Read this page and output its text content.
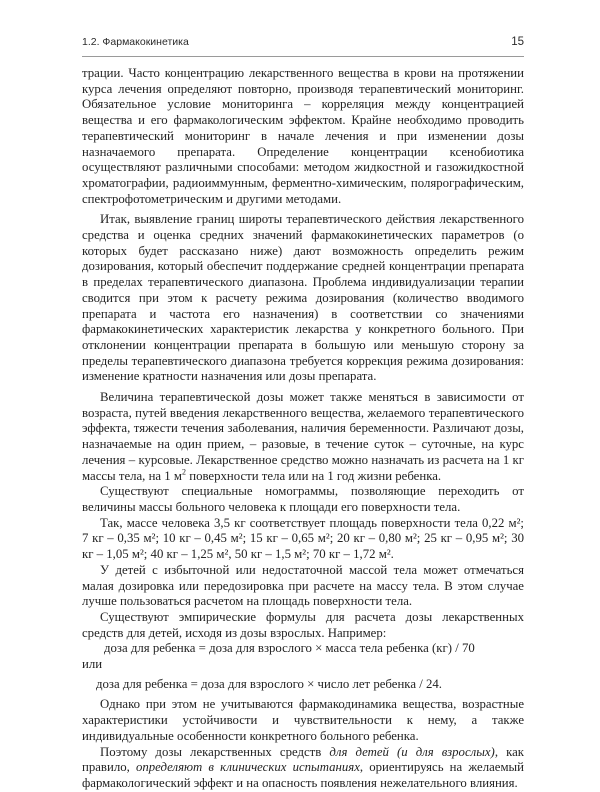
1.2. Фармакокинетика	15

трации. Часто концентрацию лекарственного вещества в крови на протяжении курса лечения определяют повторно, производя терапевтический мониторинг. Обязательное условие мониторинга – корреляция между концентрацией вещества и его фармакологическим эффектом. Крайне необходимо проводить терапевтический мониторинг в начале лечения и при изменении дозы назначаемого препарата. Определение концентрации ксенобиотика осуществляют различными способами: методом жидкостной и газожидкостной хроматографии, радиоиммунным, ферментно-химическим, полярографическим, спектрофотометрическим и другими методами.

Итак, выявление границ широты терапевтического действия лекарственного средства и оценка средних значений фармакокинетических параметров (о которых будет рассказано ниже) дают возможность определить режим дозирования, который обеспечит поддержание средней концентрации препарата в пределах терапевтического диапазона. Проблема индивидуализации терапии сводится при этом к расчету режима дозирования (количество вводимого препарата и частота его назначения) в соответствии со значениями фармакокинетических характеристик лекарства у конкретного больного. При отклонении концентрации препарата в большую или меньшую сторону за пределы терапевтического диапазона требуется коррекция режима дозирования: изменение кратности назначения или дозы препарата.

Величина терапевтической дозы может также меняться в зависимости от возраста, путей введения лекарственного вещества, желаемого терапевтического эффекта, тяжести течения заболевания, наличия беременности. Различают дозы, назначаемые на один прием, – разовые, в течение суток – суточные, на курс лечения – курсовые. Лекарственное средство можно назначать из расчета на 1 кг массы тела, на 1 $м^2$ поверхности тела или на 1 год жизни ребенка.

Существуют специальные номограммы, позволяющие переходить от величины массы больного человека к площади его поверхности тела.

Так, массе человека 3,5 кг соответствует площадь поверхности тела 0,22 м²; 7 кг – 0,35 м²; 10 кг – 0,45 м²; 15 кг – 0,65 м²; 20 кг – 0,80 м²; 25 кг – 0,95 м²; 30 кг – 1,05 м²; 40 кг – 1,25 м², 50 кг – 1,5 м²; 70 кг – 1,72 м².

У детей с избыточной или недостаточной массой тела может отмечаться малая дозировка или передозировка при расчете на массу тела. В этом случае лучше пользоваться расчетом на площадь поверхности тела.

Существуют эмпирические формулы для расчета дозы лекарственных средств для детей, исходя из дозы взрослых. Например:

доза для ребенка = доза для взрослого × масса тела ребенка (кг) / 70

или

доза для ребенка = доза для взрослого × число лет ребенка / 24.

Однако при этом не учитываются фармакодинамика вещества, возрастные характеристики устойчивости и чувствительности к нему, а также индивидуальные особенности конкретного больного ребенка.

Поэтому дозы лекарственных средств для детей (и для взрослых), как правило, определяют в клинических испытаниях, ориентируясь на желаемый фармакологический эффект и на опасность появления нежелательного влияния.
